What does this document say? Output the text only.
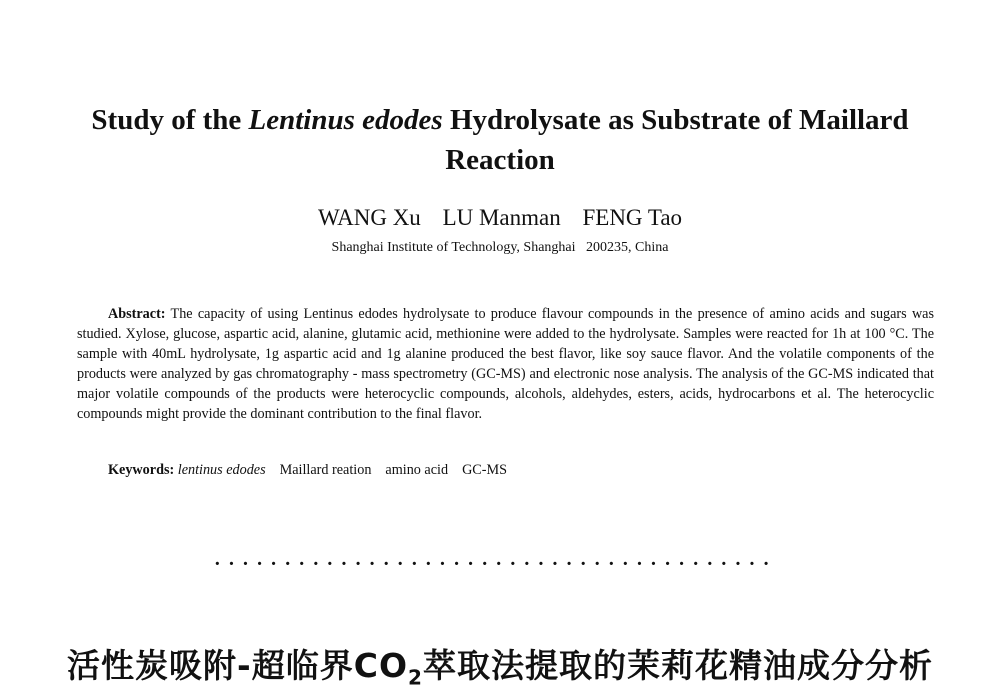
Study of the Lentinus edodes Hydrolysate as Substrate of Maillard Reaction
WANG Xu LU Manman FENG Tao
Shanghai Institute of Technology, Shanghai   200235, China

Abstract: The capacity of using Lentinus edodes hydrolysate to produce flavour compounds in the presence of amino acids and sugars was studied. Xylose, glucose, aspartic acid, alanine, glutamic acid, methionine were added to the hydrolysate. Samples were reacted for 1h at 100 °C. The sample with 40mL hydrolysate, 1g aspartic acid and 1g alanine produced the best flavor, like soy sauce flavor. And the volatile components of the products were analyzed by gas chromatography - mass spectrometry (GC-MS) and electronic nose analysis. The analysis of the GC-MS indicated that major volatile compounds of the products were heterocyclic compounds, alcohols, aldehydes, esters, acids, hydrocarbons et al. The heterocyclic compounds might provide the dominant contribution to the final flavor.

Keywords: lentinus edodes Maillard reation amino acid GC-MS
········································
活性炭吸附-超临界$CO_2$萃取法提取的茉莉花精油成分分析
